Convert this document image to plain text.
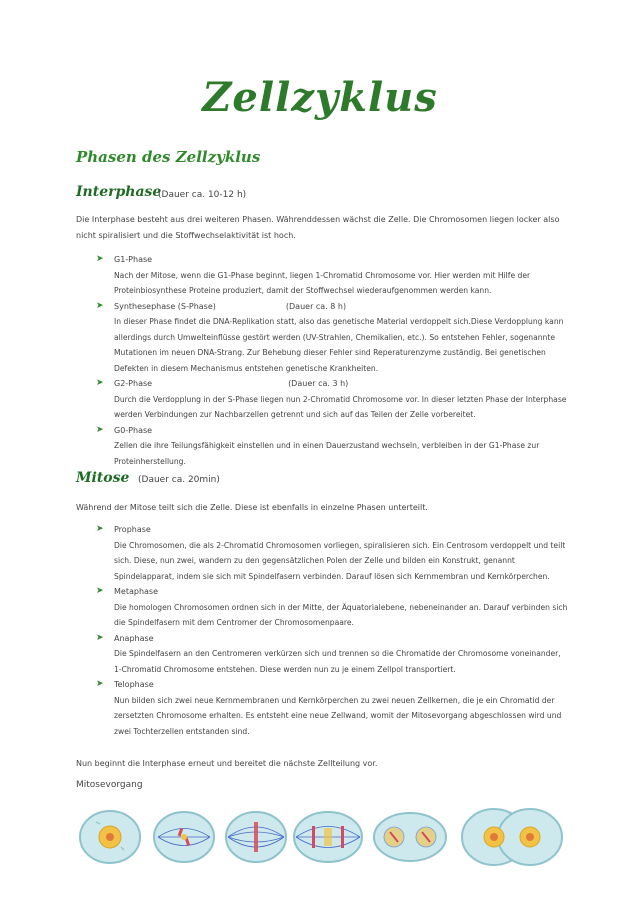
Zellzyklus
Phasen des Zellzyklus
Interphase
(Dauer ca. 10-12 h)
Die Interphase besteht aus drei weiteren Phasen. Währenddessen wächst die Zelle. Die Chromosomen liegen locker also nicht spiralisiert und die Stoffwechselaktivität ist hoch.
➤ G1-Phase
Nach der Mitose, wenn die G1-Phase beginnt, liegen 1-Chromatid Chromosome vor. Hier werden mit Hilfe der Proteinbiosynthese Proteine produziert, damit der Stoffwechsel wiederaufgenommen werden kann.
➤ Synthesephase (S-Phase)	(Dauer ca. 8 h)
In dieser Phase findet die DNA-Replikation statt, also das genetische Material verdoppelt sich.Diese Verdopplung kann allerdings durch Umwelteinflüsse gestört werden (UV-Strahlen, Chemikalien, etc.). So entstehen Fehler, sogenannte Mutationen im neuen DNA-Strang. Zur Behebung dieser Fehler sind Reperaturenzyme zuständig. Bei genetischen Defekten in diesem Mechanismus entstehen genetische Krankheiten.
➤ G2-Phase	(Dauer ca. 3 h)
Durch die Verdopplung in der S-Phase liegen nun 2-Chromatid Chromosome vor. In dieser letzten Phase der Interphase werden Verbindungen zur Nachbarzellen getrennt und sich auf das Teilen der Zelle vorbereitet.
➤ G0-Phase
Zellen die ihre Teilungsfähigkeit einstellen und in einen Dauerzustand wechseln, verbleiben in der G1-Phase zur Proteinherstellung.
Mitose (Dauer ca. 20min)
Während der Mitose teilt sich die Zelle. Diese ist ebenfalls in einzelne Phasen unterteilt.
➤ Prophase
Die Chromosomen, die als 2-Chromatid Chromosomen vorliegen, spiralisieren sich. Ein Centrosom verdoppelt und teilt sich. Diese, nun zwei, wandern zu den gegensätzlichen Polen der Zelle und bilden ein Konstrukt, genannt Spindelapparat, indem sie sich mit Spindelfasern verbinden. Darauf lösen sich Kernmembran und Kernkörperchen.
➤ Metaphase
Die homologen Chromosomen ordnen sich in der Mitte, der Äquatorialebene, nebeneinander an. Darauf verbinden sich die Spindelfasern mit dem Centromer der Chromosomenpaare.
➤ Anaphase
Die Spindelfasern an den Centromeren verkürzen sich und trennen so die Chromatide der Chromosome voneinander, 1-Chromatid Chromosome entstehen. Diese werden nun zu je einem Zellpol transportiert.
➤ Telophase
Nun bilden sich zwei neue Kernmembranen und Kernkörperchen zu zwei neuen Zellkernen, die je ein Chromatid der zersetzten Chromosome erhalten. Es entsteht eine neue Zellwand, womit der Mitosevorgang abgeschlossen wird und zwei Tochterzellen entstanden sind.
Nun beginnt die Interphase erneut und bereitet die nächste Zellteilung vor.
Mitosevorgang
